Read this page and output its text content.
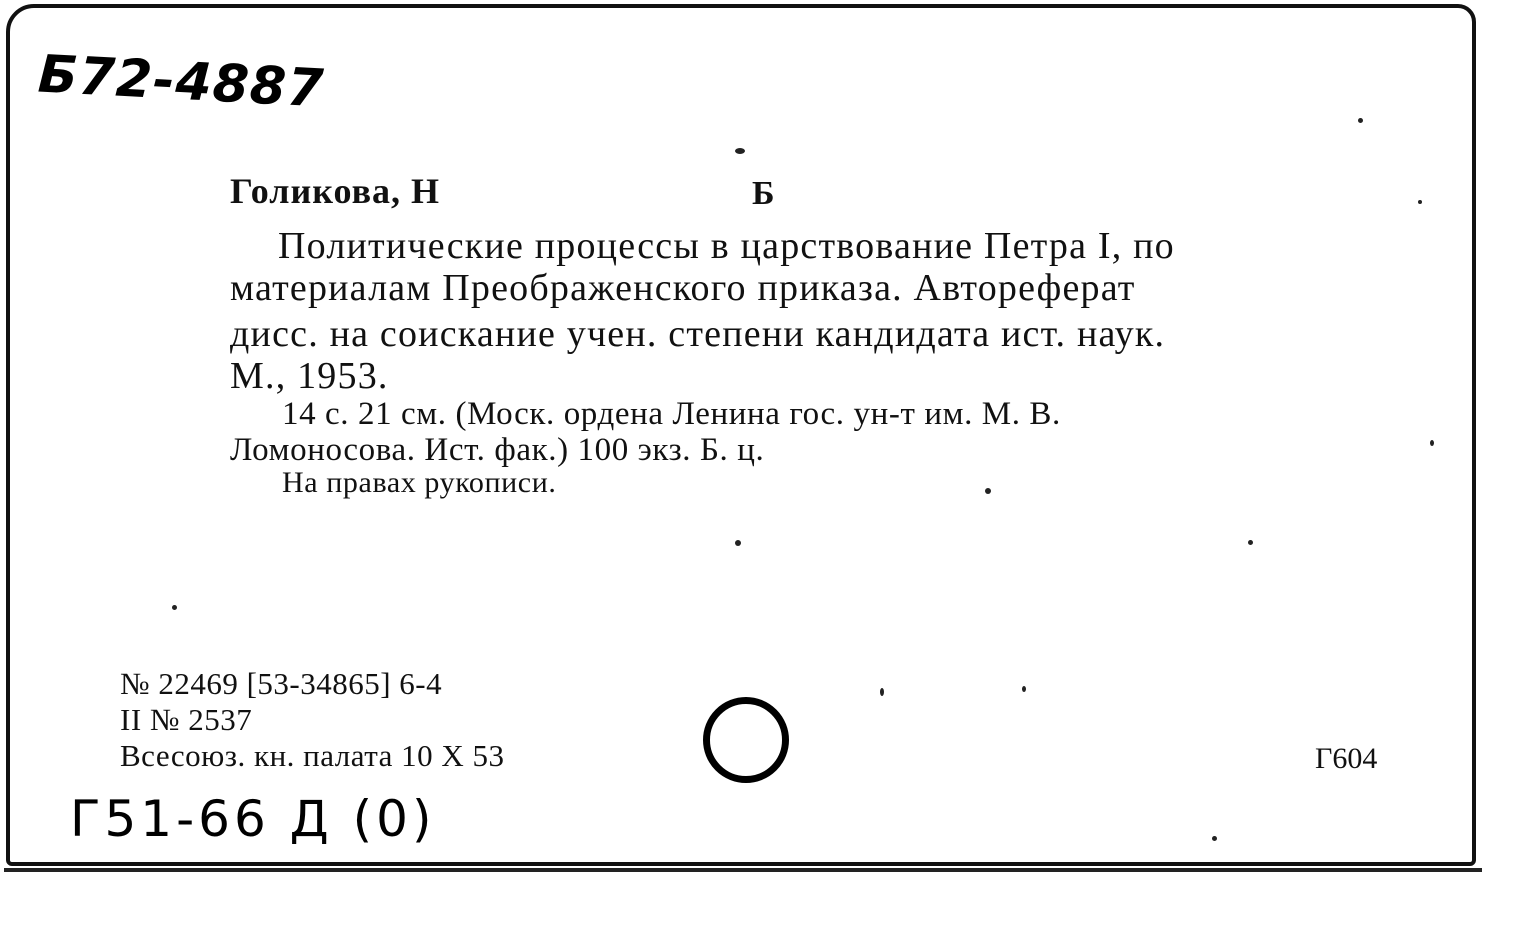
Б72-4887
Голикова, Н	Б
Политические процессы в царствование Петра I, по
материалам Преображенского приказа. Автореферат
дисс. на соискание учен. степени кандидата ист. наук.
М., 1953.
14 с. 21 см. (Моск. ордена Ленина гос. ун-т им. М. В.
Ломоносова. Ист. фак.) 100 экз. Б. ц.
На правах рукописи.
№ 22469 [53-34865] 6-4
II № 2537
Всесоюз. кн. палата 10 X 53	Г604
Г51-66 Д (0)
